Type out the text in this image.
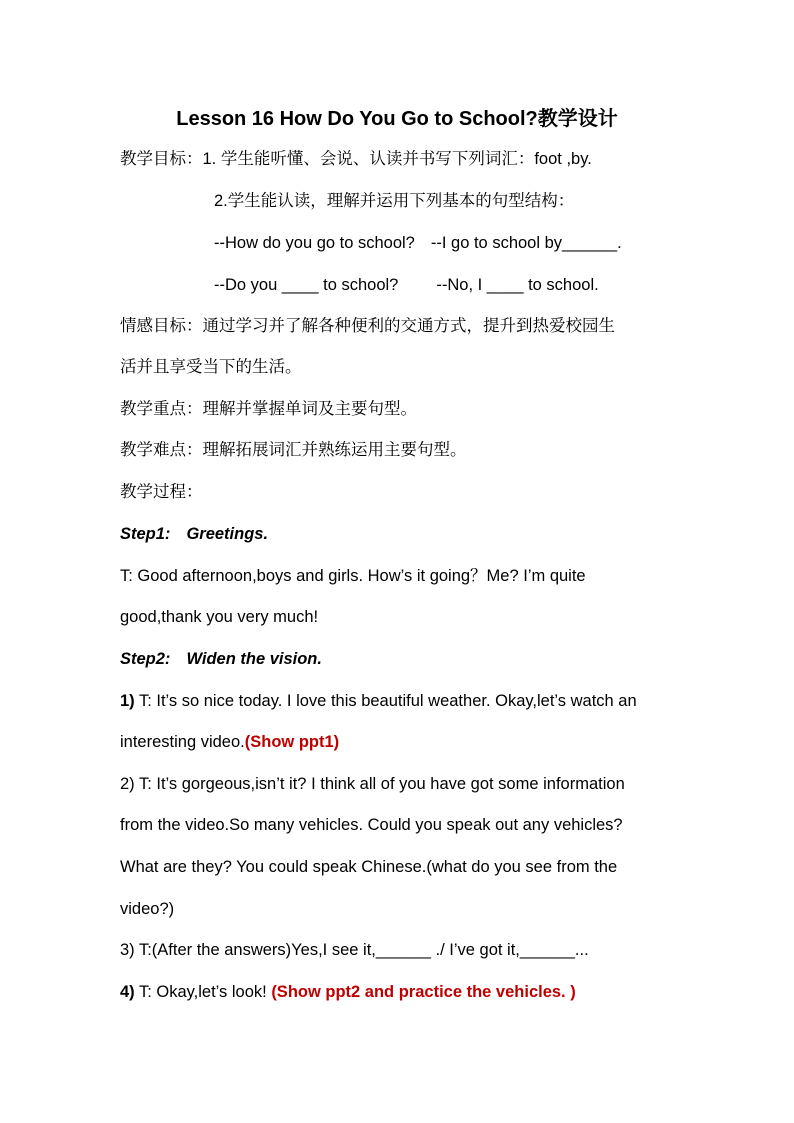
Lesson 16 How Do You Go to School?教学设计
教学目标：1. 学生能听懂、会说、认读并书写下列词汇：foot ,by.
2.学生能认读，理解并运用下列基本的句型结构：
--How do you go to school? --I go to school by______.
--Do you ____ to school? --No, I ____ to school.
情感目标：通过学习并了解各种便利的交通方式，提升到热爱校园生
活并且享受当下的生活。
教学重点：理解并掌握单词及主要句型。
教学难点：理解拓展词汇并熟练运用主要句型。
教学过程：
Step1: Greetings.
T: Good afternoon,boys and girls. How’s it going？Me? I’m quite
good,thank you very much!
Step2: Widen the vision.
1) T: It’s so nice today. I love this beautiful weather. Okay,let’s watch an
interesting video.(Show ppt1)
2) T: It’s gorgeous,isn’t it? I think all of you have got some information
from the video.So many vehicles. Could you speak out any vehicles?
What are they? You could speak Chinese.(what do you see from the
video?)
3) T:(After the answers)Yes,I see it,______ ./ I’ve got it,______...
4) T: Okay,let’s look! (Show ppt2 and practice the vehicles. )
